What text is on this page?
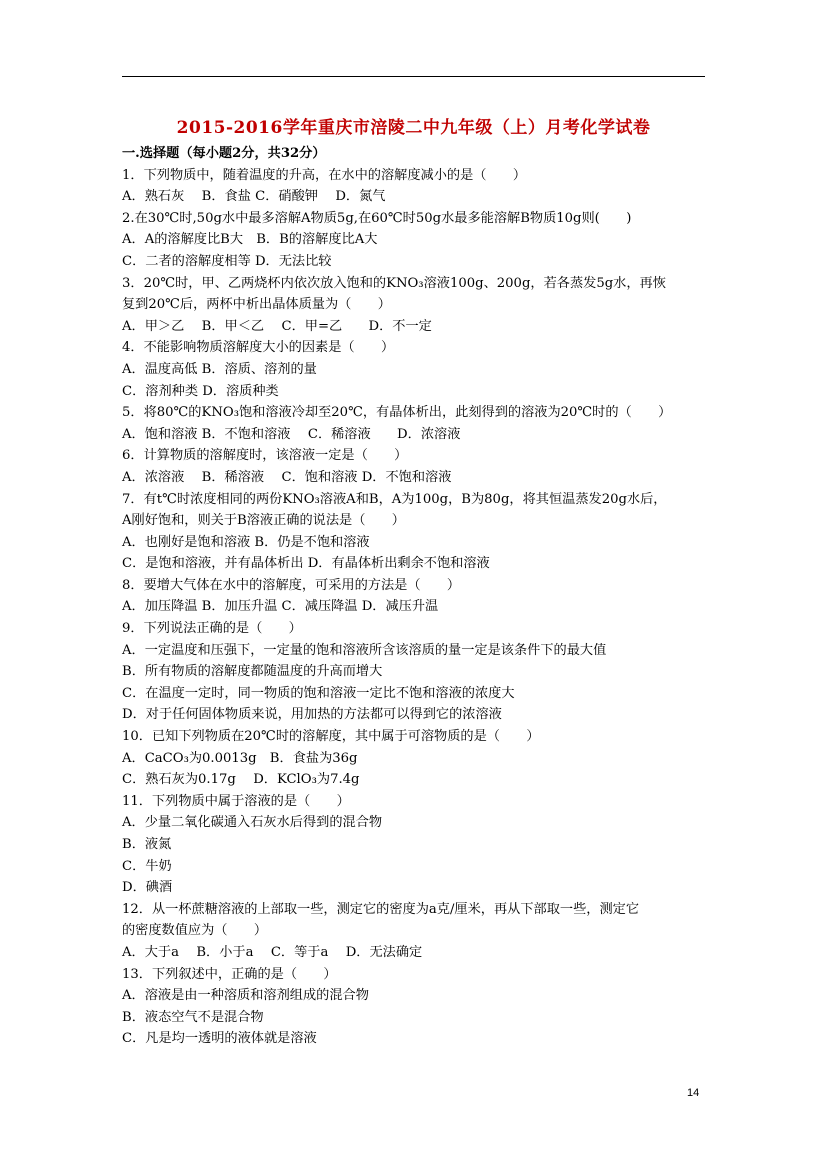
2015-2016学年重庆市涪陵二中九年级（上）月考化学试卷
一.选择题（每小题2分，共32分）
1．下列物质中，随着温度的升高，在水中的溶解度减小的是（　　）
A．熟石灰　 B．食盐 C．硝酸钾　 D．氮气
2.在30℃时,50g水中最多溶解A物质5g,在60℃时50g水最多能溶解B物质10g则(　　)
A．A的溶解度比B大　B．B的溶解度比A大
C．二者的溶解度相等 D．无法比较
3．20℃时，甲、乙两烧杯内依次放入饱和的KNO₃溶液100g、200g，若各蒸发5g水，再恢
复到20℃后，两杯中析出晶体质量为（　　）
A．甲＞乙　 B．甲＜乙　 C．甲=乙　　D．不一定
4．不能影响物质溶解度大小的因素是（　　）
A．温度高低 B．溶质、溶剂的量
C．溶剂种类 D．溶质种类
5．将80℃的KNO₃饱和溶液冷却至20℃，有晶体析出，此刻得到的溶液为20℃时的（　　）
A．饱和溶液 B．不饱和溶液　 C．稀溶液　　D．浓溶液
6．计算物质的溶解度时，该溶液一定是（　　）
A．浓溶液　 B．稀溶液　 C．饱和溶液 D．不饱和溶液
7．有t℃时浓度相同的两份KNO₃溶液A和B，A为100g，B为80g，将其恒温蒸发20g水后，
A刚好饱和，则关于B溶液正确的说法是（　　）
A．也刚好是饱和溶液 B．仍是不饱和溶液
C．是饱和溶液，并有晶体析出 D．有晶体析出剩余不饱和溶液
8．要增大气体在水中的溶解度，可采用的方法是（　　）
A．加压降温 B．加压升温 C．减压降温 D．减压升温
9．下列说法正确的是（　　）
A．一定温度和压强下，一定量的饱和溶液所含该溶质的量一定是该条件下的最大值
B．所有物质的溶解度都随温度的升高而增大
C．在温度一定时，同一物质的饱和溶液一定比不饱和溶液的浓度大
D．对于任何固体物质来说，用加热的方法都可以得到它的浓溶液
10．已知下列物质在20℃时的溶解度，其中属于可溶物质的是（　　）
A．CaCO₃为0.0013g　B．食盐为36g
C．熟石灰为0.17g　 D．KClO₃为7.4g
11．下列物质中属于溶液的是（　　）
A．少量二氧化碳通入石灰水后得到的混合物
B．液氮
C．牛奶
D．碘酒
12．从一杯蔗糖溶液的上部取一些，测定它的密度为a克/厘米，再从下部取一些，测定它
的密度数值应为（　　）
A．大于a　 B．小于a　 C．等于a　 D．无法确定
13．下列叙述中，正确的是（　　）
A．溶液是由一种溶质和溶剂组成的混合物
B．液态空气不是混合物
C．凡是均一透明的液体就是溶液
14
